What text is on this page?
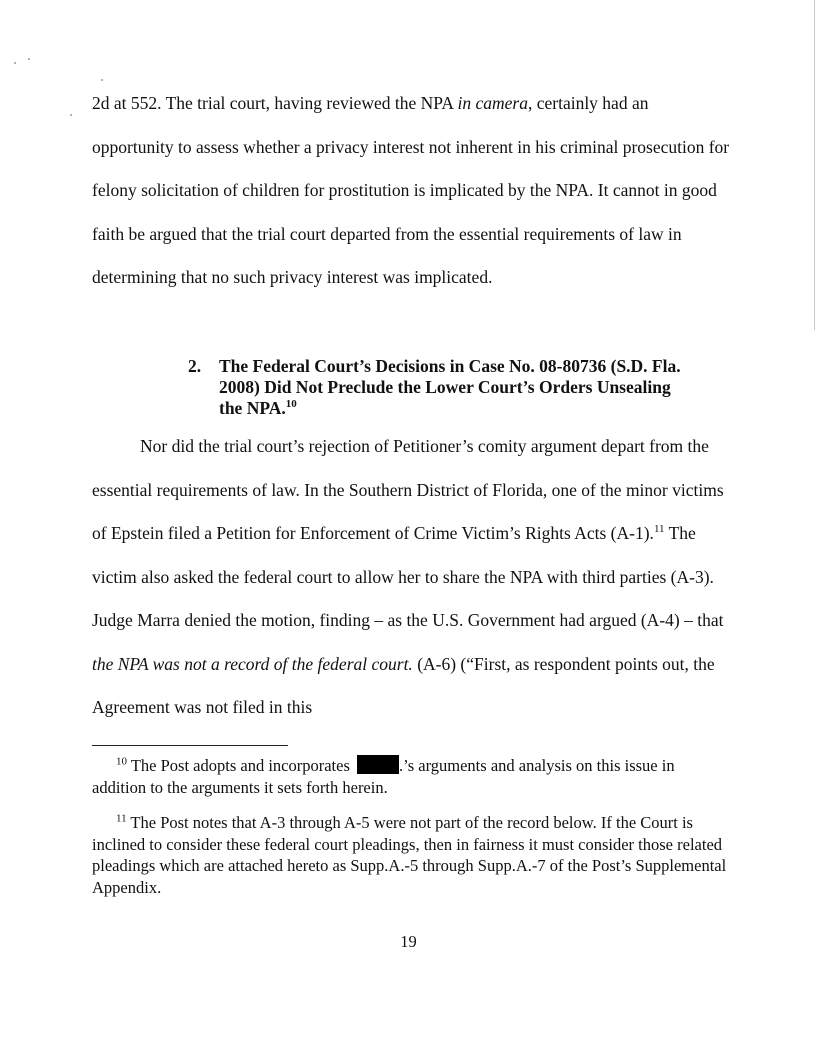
2d at 552. The trial court, having reviewed the NPA in camera, certainly had an opportunity to assess whether a privacy interest not inherent in his criminal prosecution for felony solicitation of children for prostitution is implicated by the NPA. It cannot in good faith be argued that the trial court departed from the essential requirements of law in determining that no such privacy interest was implicated.

2. The Federal Court’s Decisions in Case No. 08-80736 (S.D. Fla. 2008) Did Not Preclude the Lower Court’s Orders Unsealing the NPA.$^{10}$

Nor did the trial court’s rejection of Petitioner’s comity argument depart from the essential requirements of law. In the Southern District of Florida, one of the minor victims of Epstein filed a Petition for Enforcement of Crime Victim’s Rights Acts (A-1).$^{11}$ The victim also asked the federal court to allow her to share the NPA with third parties (A-3). Judge Marra denied the motion, finding – as the U.S. Government had argued (A-4) – that the NPA was not a record of the federal court. (A-6) (“First, as respondent points out, the Agreement was not filed in this

$^{10}$ The Post adopts and incorporates	.’s arguments and analysis on this issue in addition to the arguments it sets forth herein.

$^{11}$ The Post notes that A-3 through A-5 were not part of the record below. If the Court is inclined to consider these federal court pleadings, then in fairness it must consider those related pleadings which are attached hereto as Supp.A.-5 through Supp.A.-7 of the Post’s Supplemental Appendix.

19
